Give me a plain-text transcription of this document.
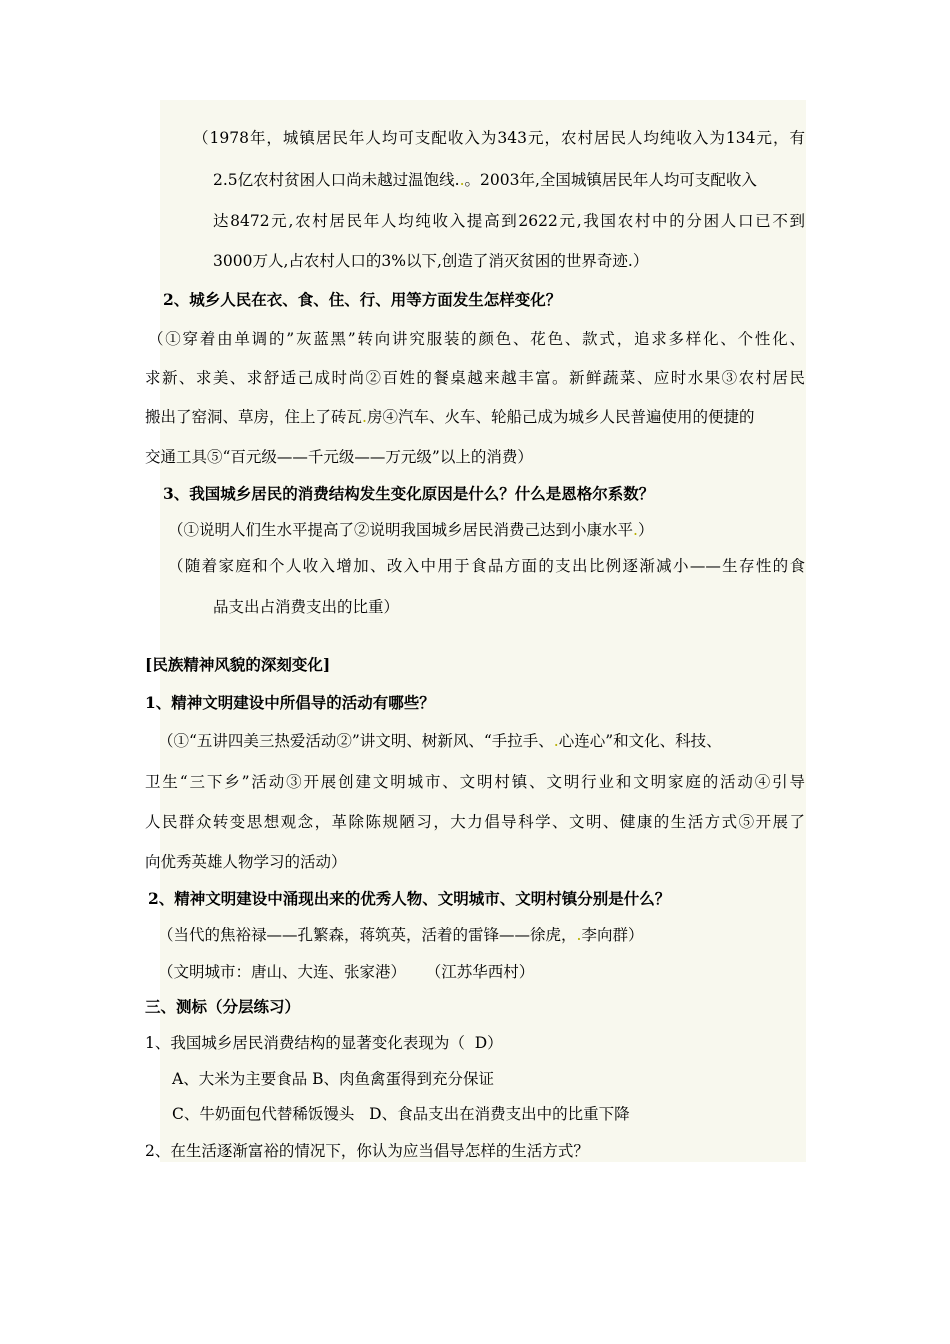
（1978年，城镇居民年人均可支配收入为343元，农村居民人均纯收入为134元，有
2.5亿农村贫困人口尚未越过温饱线..。2003年,全国城镇居民年人均可支配收入
达8472元,农村居民年人均纯收入提高到2622元,我国农村中的分困人口已不到
3000万人,占农村人口的3%以下,创造了消灭贫困的世界奇迹.）
2、城乡人民在衣、食、住、行、用等方面发生怎样变化？
（①穿着由单调的”灰蓝黑”转向讲究服装的颜色、花色、款式，追求多样化、个性化、
求新、求美、求舒适己成时尚②百姓的餐桌越来越丰富。新鲜蔬菜、应时水果③农村居民
搬出了窑洞、草房，住上了砖瓦.房④汽车、火车、轮船己成为城乡人民普遍使用的便捷的
交通工具⑤“百元级——千元级——万元级”以上的消费）
3、我国城乡居民的消费结构发生变化原因是什么？什么是恩格尔系数？
（①说明人们生水平提高了②说明我国城乡居民消费己达到小康水平.）
（随着家庭和个人收入增加、改入中用于食品方面的支出比例逐渐减小——生存性的食
品支出占消费支出的比重）
[民族精神风貌的深刻变化]
1、精神文明建设中所倡导的活动有哪些？
（①“五讲四美三热爱活动②”讲文明、树新风、“手拉手、.心连心”和文化、科技、
卫生“三下乡”活动③开展创建文明城市、文明村镇、文明行业和文明家庭的活动④引导
人民群众转变思想观念，革除陈规陋习，大力倡导科学、文明、健康的生活方式⑤开展了
向优秀英雄人物学习的活动）
2、精神文明建设中涌现出来的优秀人物、文明城市、文明村镇分别是什么？
（当代的焦裕禄——孔繁森，蒋筑英，活着的雷锋——徐虎，.李向群）
（文明城市：唐山、大连、张家港）    （江苏华西村）
三、测标（分层练习）
1、我国城乡居民消费结构的显著变化表现为（  D）
A、大米为主要食品 B、肉鱼禽蛋得到充分保证
C、牛奶面包代替稀饭馒头   D、食品支出在消费支出中的比重下降
2、在生活逐渐富裕的情况下，你认为应当倡导怎样的生活方式？
